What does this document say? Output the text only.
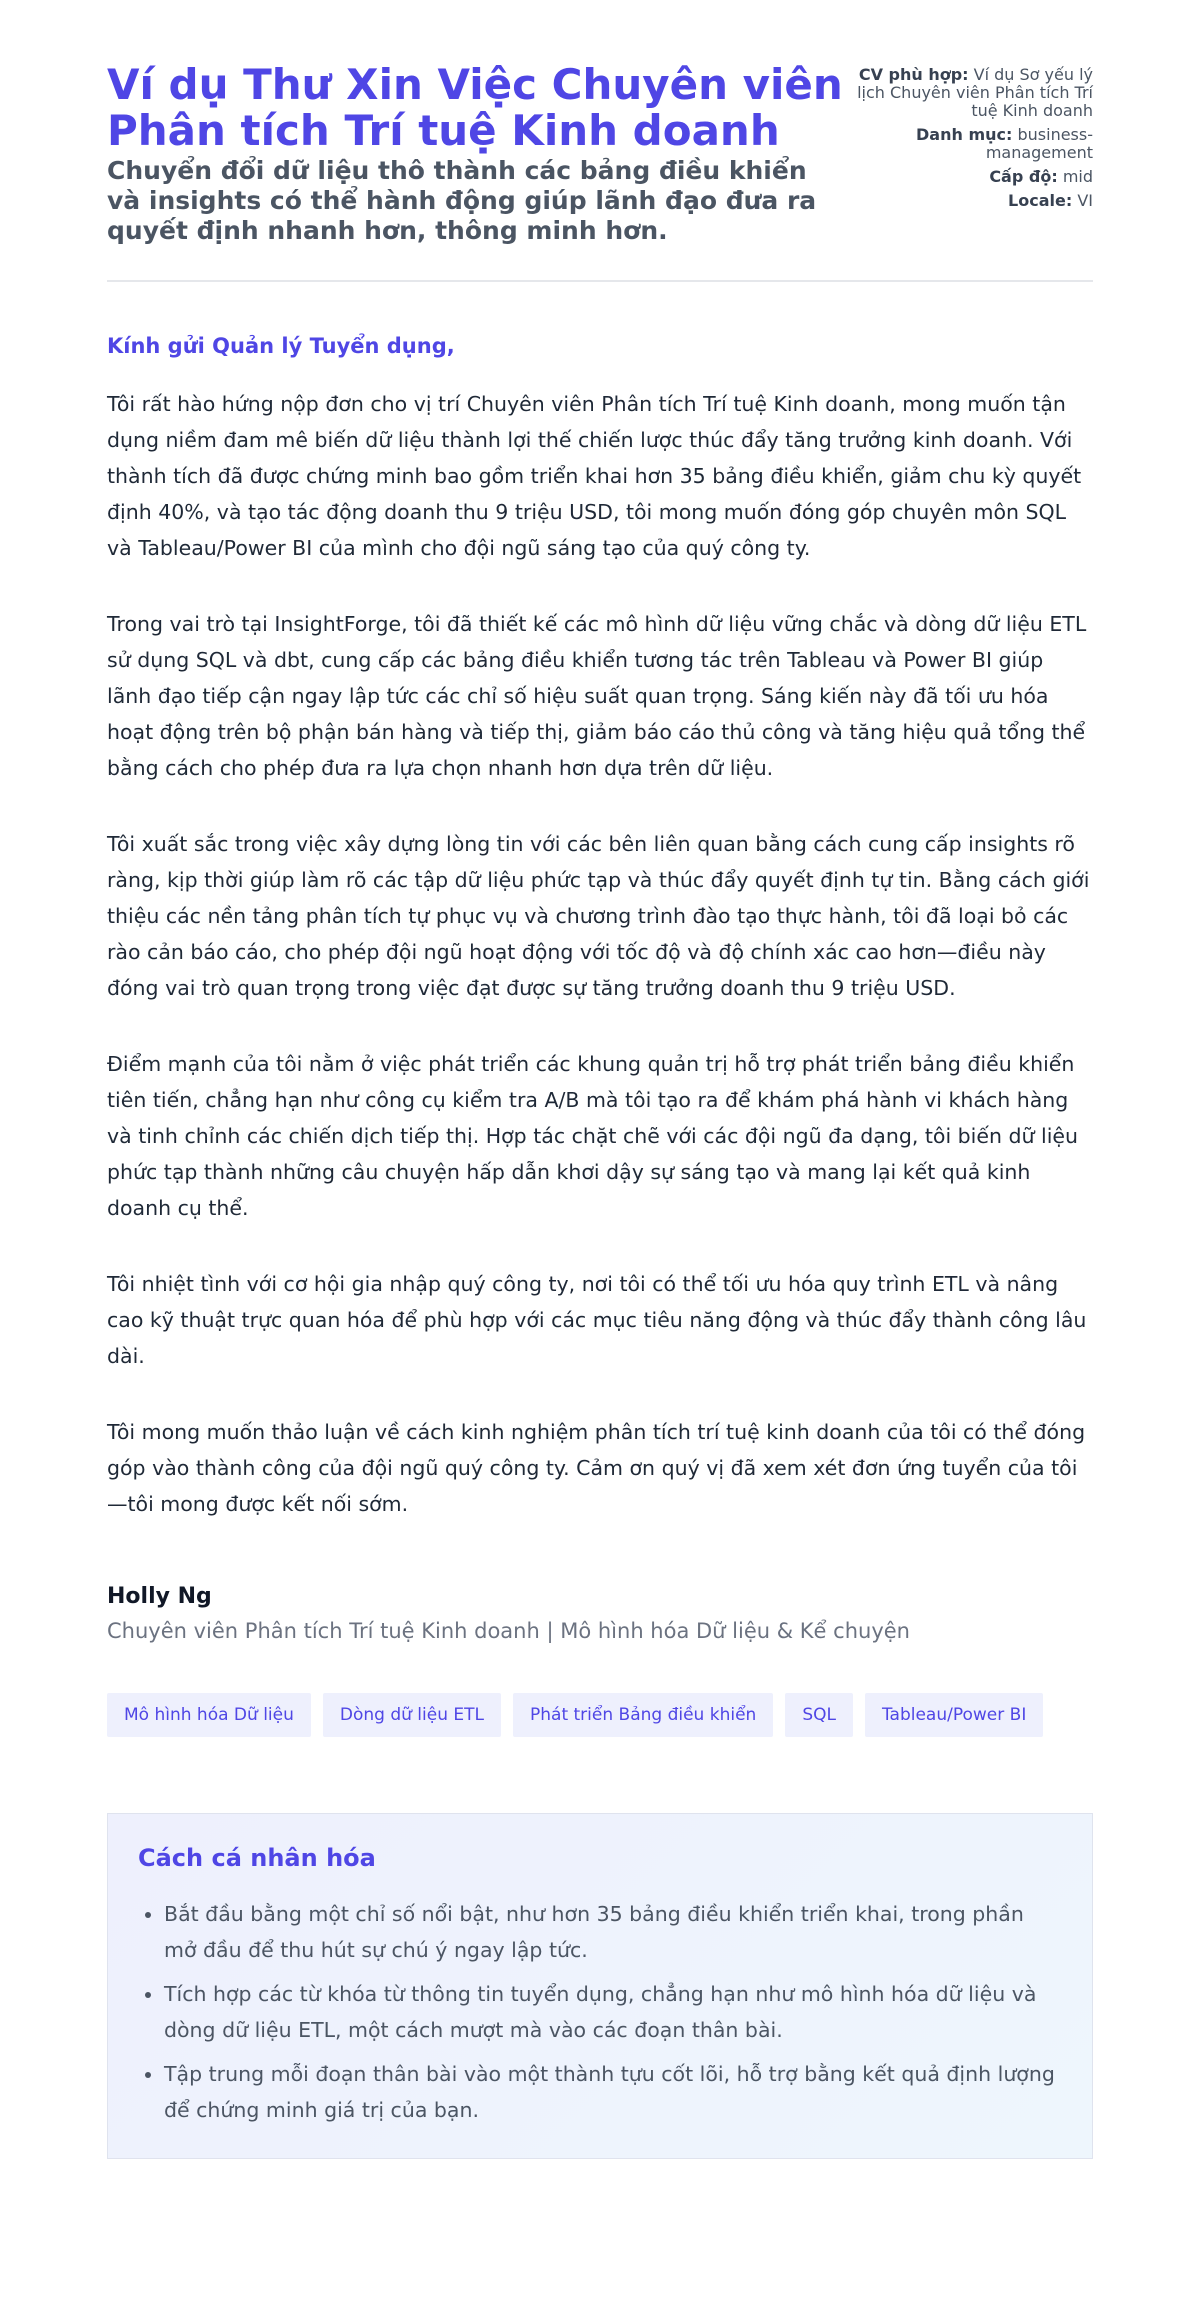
Ví dụ Thư Xin Việc Chuyên viên Phân tích Trí tuệ Kinh doanh

Chuyển đổi dữ liệu thô thành các bảng điều khiển và insights có thể hành động giúp lãnh đạo đưa ra quyết định nhanh hơn, thông minh hơn.

CV phù hợp: Ví dụ Sơ yếu lý lịch Chuyên viên Phân tích Trí tuệ Kinh doanh
Danh mục: business-management
Cấp độ: mid
Locale: VI

Kính gửi Quản lý Tuyển dụng,

Tôi rất hào hứng nộp đơn cho vị trí Chuyên viên Phân tích Trí tuệ Kinh doanh, mong muốn tận dụng niềm đam mê biến dữ liệu thành lợi thế chiến lược thúc đẩy tăng trưởng kinh doanh. Với thành tích đã được chứng minh bao gồm triển khai hơn 35 bảng điều khiển, giảm chu kỳ quyết định 40%, và tạo tác động doanh thu 9 triệu USD, tôi mong muốn đóng góp chuyên môn SQL và Tableau/Power BI của mình cho đội ngũ sáng tạo của quý công ty.

Trong vai trò tại InsightForge, tôi đã thiết kế các mô hình dữ liệu vững chắc và dòng dữ liệu ETL sử dụng SQL và dbt, cung cấp các bảng điều khiển tương tác trên Tableau và Power BI giúp lãnh đạo tiếp cận ngay lập tức các chỉ số hiệu suất quan trọng. Sáng kiến này đã tối ưu hóa hoạt động trên bộ phận bán hàng và tiếp thị, giảm báo cáo thủ công và tăng hiệu quả tổng thể bằng cách cho phép đưa ra lựa chọn nhanh hơn dựa trên dữ liệu.

Tôi xuất sắc trong việc xây dựng lòng tin với các bên liên quan bằng cách cung cấp insights rõ ràng, kịp thời giúp làm rõ các tập dữ liệu phức tạp và thúc đẩy quyết định tự tin. Bằng cách giới thiệu các nền tảng phân tích tự phục vụ và chương trình đào tạo thực hành, tôi đã loại bỏ các rào cản báo cáo, cho phép đội ngũ hoạt động với tốc độ và độ chính xác cao hơn—điều này đóng vai trò quan trọng trong việc đạt được sự tăng trưởng doanh thu 9 triệu USD.

Điểm mạnh của tôi nằm ở việc phát triển các khung quản trị hỗ trợ phát triển bảng điều khiển tiên tiến, chẳng hạn như công cụ kiểm tra A/B mà tôi tạo ra để khám phá hành vi khách hàng và tinh chỉnh các chiến dịch tiếp thị. Hợp tác chặt chẽ với các đội ngũ đa dạng, tôi biến dữ liệu phức tạp thành những câu chuyện hấp dẫn khơi dậy sự sáng tạo và mang lại kết quả kinh doanh cụ thể.

Tôi nhiệt tình với cơ hội gia nhập quý công ty, nơi tôi có thể tối ưu hóa quy trình ETL và nâng cao kỹ thuật trực quan hóa để phù hợp với các mục tiêu năng động và thúc đẩy thành công lâu dài.

Tôi mong muốn thảo luận về cách kinh nghiệm phân tích trí tuệ kinh doanh của tôi có thể đóng góp vào thành công của đội ngũ quý công ty. Cảm ơn quý vị đã xem xét đơn ứng tuyển của tôi—tôi mong được kết nối sớm.

Holly Ng

Chuyên viên Phân tích Trí tuệ Kinh doanh | Mô hình hóa Dữ liệu & Kể chuyện

Mô hình hóa Dữ liệu	Dòng dữ liệu ETL	Phát triển Bảng điều khiển	SQL	Tableau/Power BI
Cách cá nhân hóa
• Bắt đầu bằng một chỉ số nổi bật, như hơn 35 bảng điều khiển triển khai, trong phần mở đầu để thu hút sự chú ý ngay lập tức.
• Tích hợp các từ khóa từ thông tin tuyển dụng, chẳng hạn như mô hình hóa dữ liệu và dòng dữ liệu ETL, một cách mượt mà vào các đoạn thân bài.
• Tập trung mỗi đoạn thân bài vào một thành tựu cốt lõi, hỗ trợ bằng kết quả định lượng để chứng minh giá trị của bạn.
